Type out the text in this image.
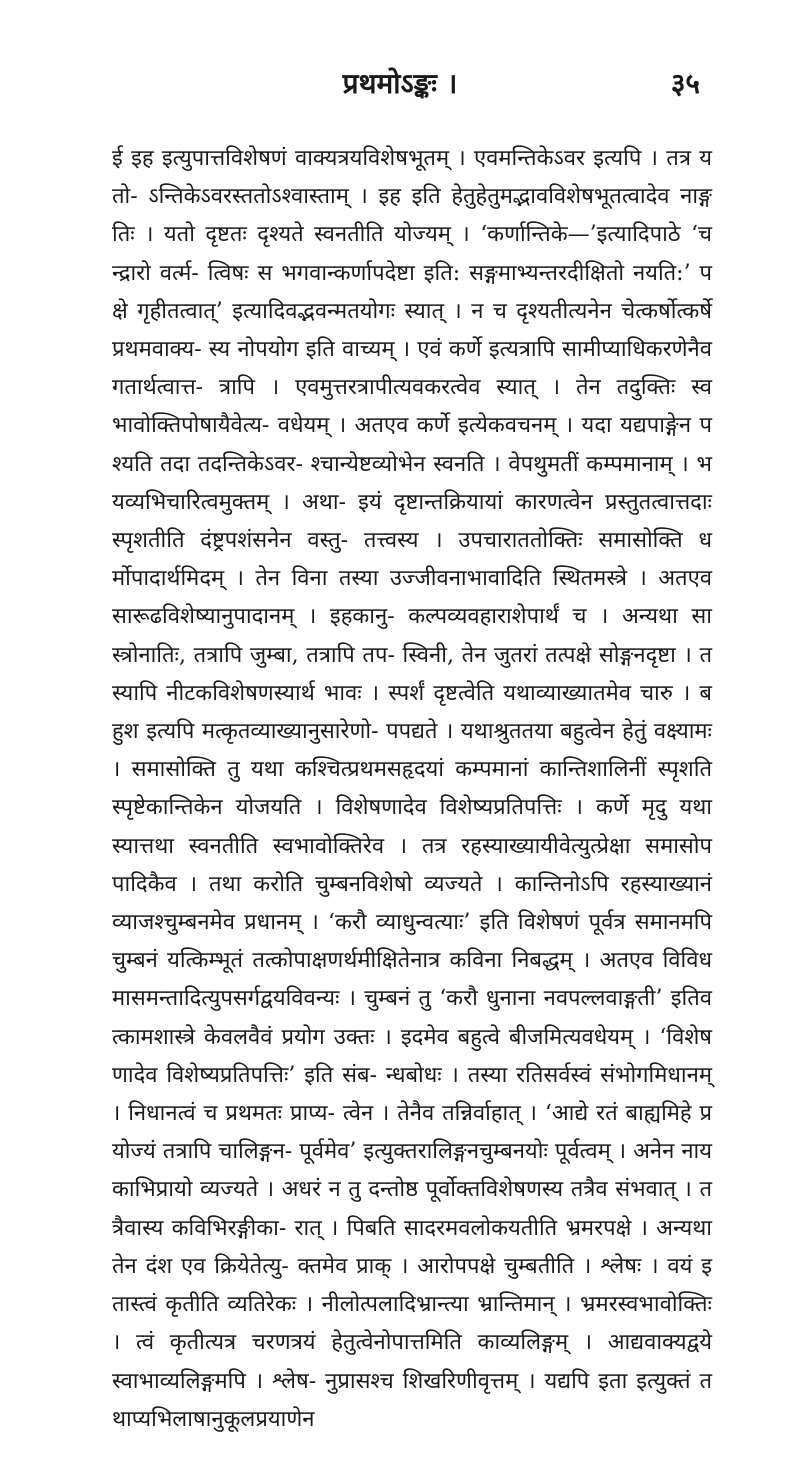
प्रथमोऽङ्कः ।	३५
ई इह इत्युपात्तविशेषणं वाक्यत्रयविशेषभूतम् । एवमन्तिकेऽवर इत्यपि । तत्र यतो- ऽन्तिकेऽवरस्ततोऽश्वास्ताम् । इह इति हेतुहेतुमद्भावविशेषभूतत्वादेव नाङ्गतिः । यतो दृष्टतः दृश्यते स्वनतीति योज्यम् । ‘कर्णान्तिके—’इत्यादिपाठे ‘चन्द्रारो वर्त्म- त्विषः स भगवान्कर्णापदेष्टा इति: सङ्गमाभ्यन्तरदीक्षितो नयति:’ पक्षे गृहीतत्वात्’ इत्यादिवद्भवन्मतयोगः स्यात् । न च दृश्यतीत्यनेन चेत्कर्षोत्कर्षे प्रथमवाक्य- स्य नोपयोग इति वाच्यम् । एवं कर्णे इत्यत्रापि सामीप्याधिकरणेनैव गतार्थत्वात्त- त्रापि । एवमुत्तरत्रापीत्यवकरत्वेव स्यात् । तेन तदुक्तिः स्वभावोक्तिपोषायैवेत्य- वधेयम् । अतएव कर्णे इत्येकवचनम् । यदा यद्यपाङ्गेन पश्यति तदा तदन्तिकेऽवर- श्चान्येष्टव्योभेन स्वनति । वेपथुमतीं कम्पमानाम् । भयव्यभिचारित्वमुक्तम् । अथा- इयं दृष्टान्तक्रियायां कारणत्वेन प्रस्तुतत्वात्तदाः स्पृशतीति दंष्ट्रपशंसनेन वस्तु- तत्त्वस्य । उपचाराततोक्तिः समासोक्ति धर्मोपादार्थमिदम् । तेन विना तस्या उज्जीवनाभावादिति स्थितमस्त्रे । अतएव सारूढविशेष्यानुपादानम् । इहकानु- कल्पव्यवहाराशेपार्थं च । अन्यथा सा स्त्रोनातिः, तत्रापि जुम्बा, तत्रापि तप- स्विनी, तेन जुतरां तत्पक्षे सोङ्गनदृष्टा । तस्यापि नीटकविशेषणस्यार्थ भावः । स्पर्शं दृष्टत्वेति यथाव्याख्यातमेव चारु । बहुश इत्यपि मत्कृतव्याख्यानुसारेणो- पपद्यते । यथाश्रुततया बहुत्वेन हेतुं वक्ष्यामः । समासोक्ति तु यथा कश्चित्प्रथमसहृदयां कम्पमानां कान्तिशालिनीं स्पृशति स्पृष्टेकान्तिकेन योजयति । विशेषणादेव विशेष्यप्रतिपत्तिः । कर्णे मृदु यथा स्यात्तथा स्वनतीति स्वभावोक्तिरेव । तत्र रहस्याख्यायीवेत्युत्प्रेक्षा समासोपपादिकैव । तथा करोति चुम्बनविशेषो व्यज्यते । कान्तिनोऽपि रहस्याख्यानं व्याजश्चुम्बनमेव प्रधानम् । ‘करौ व्याधुन्वत्याः’ इति विशेषणं पूर्वत्र समानमपि चुम्बनं यत्किम्भूतं तत्कोपाक्षणर्थमीक्षितेनात्र कविना निबद्धम् । अतएव विविधमासमन्तादित्युपसर्गद्वयविवन्यः । चुम्बनं तु ‘करौ धुनाना नवपल्लवाङ्गती’ इतिवत्कामशास्त्रे केवलवैवं प्रयोग उक्तः । इदमेव बहुत्वे बीजमित्यवधेयम् । ‘विशेषणादेव विशेष्यप्रतिपत्तिः’ इति संब- न्धबोधः । तस्या रतिसर्वस्वं संभोगमिधानम् । निधानत्वं च प्रथमतः प्राप्य- त्वेन । तेनैव तन्निर्वाहात् । ‘आद्ये रतं बाह्यमिहे प्रयोज्यं तत्रापि चालिङ्गन- पूर्वमेव’ इत्युक्तरालिङ्गनचुम्बनयोः पूर्वत्वम् । अनेन नायकाभिप्रायो व्यज्यते । अधरं न तु दन्तोष्ठ पूर्वोक्तविशेषणस्य तत्रैव संभवात् । तत्रैवास्य कविभिरङ्गीका- रात् । पिबति सादरमवलोकयतीति भ्रमरपक्षे । अन्यथा तेन दंश एव क्रियेतेत्यु- क्तमेव प्राक् । आरोपपक्षे चुम्बतीति । श्लेषः । वयं इतास्त्वं कृतीति व्यतिरेकः । नीलोत्पलादिभ्रान्त्या भ्रान्तिमान् । भ्रमरस्वभावोक्तिः । त्वं कृतीत्यत्र चरणत्रयं हेतुत्वेनोपात्तमिति काव्यलिङ्गम् । आद्यवाक्यद्वये स्वाभाव्यलिङ्गमपि । श्लेष- नुप्रासश्च शिखरिणीवृत्तम् । यद्यपि इता इत्युक्तं तथाप्यभिलाषानुकूलप्रयाणेन
